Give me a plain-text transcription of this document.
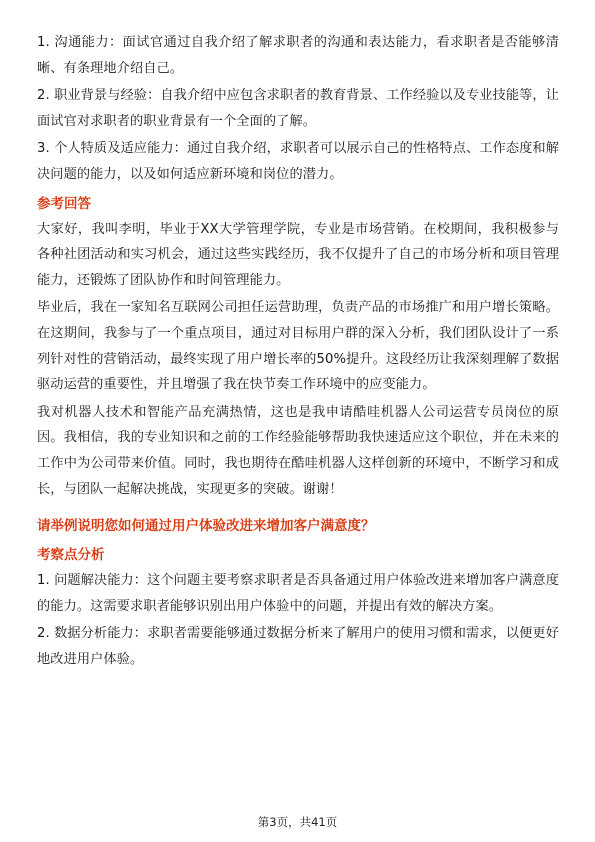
1. 沟通能力：面试官通过自我介绍了解求职者的沟通和表达能力，看求职者是否能够清晰、有条理地介绍自己。

2. 职业背景与经验：自我介绍中应包含求职者的教育背景、工作经验以及专业技能等，让面试官对求职者的职业背景有一个全面的了解。

3. 个人特质及适应能力：通过自我介绍，求职者可以展示自己的性格特点、工作态度和解决问题的能力，以及如何适应新环境和岗位的潜力。

参考回答

大家好，我叫李明，毕业于XX大学管理学院，专业是市场营销。在校期间，我积极参与各种社团活动和实习机会，通过这些实践经历，我不仅提升了自己的市场分析和项目管理能力，还锻炼了团队协作和时间管理能力。

毕业后，我在一家知名互联网公司担任运营助理，负责产品的市场推广和用户增长策略。在这期间，我参与了一个重点项目，通过对目标用户群的深入分析，我们团队设计了一系列针对性的营销活动，最终实现了用户增长率的50%提升。这段经历让我深刻理解了数据驱动运营的重要性，并且增强了我在快节奏工作环境中的应变能力。

我对机器人技术和智能产品充满热情，这也是我申请酷哇机器人公司运营专员岗位的原因。我相信，我的专业知识和之前的工作经验能够帮助我快速适应这个职位，并在未来的工作中为公司带来价值。同时，我也期待在酷哇机器人这样创新的环境中，不断学习和成长，与团队一起解决挑战，实现更多的突破。谢谢！

请举例说明您如何通过用户体验改进来增加客户满意度？
考察点分析

1. 问题解决能力：这个问题主要考察求职者是否具备通过用户体验改进来增加客户满意度的能力。这需要求职者能够识别出用户体验中的问题，并提出有效的解决方案。

2. 数据分析能力：求职者需要能够通过数据分析来了解用户的使用习惯和需求，以便更好地改进用户体验。

第3页，共41页
